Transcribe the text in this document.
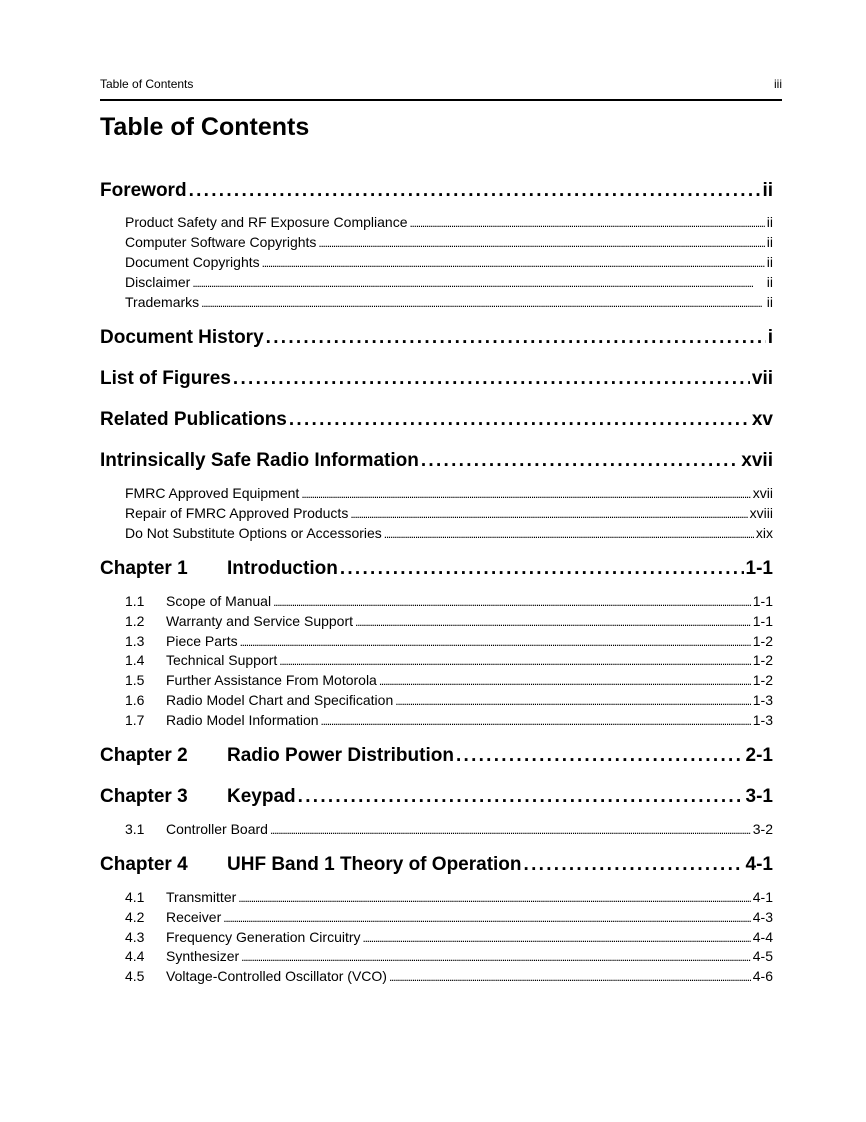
Table of Contents	iii
Table of Contents
Foreword . . .	ii
Product Safety and RF Exposure Compliance . . .	ii
Computer Software Copyrights . . .	ii
Document Copyrights . . .	ii
Disclaimer . . .	ii
Trademarks . . .	ii
Document History . . .	i
List of Figures . . .	vii
Related Publications . . .	xv
Intrinsically Safe Radio Information . . .	xvii
FMRC Approved Equipment . . .	xvii
Repair of FMRC Approved Products . . .	xviii
Do Not Substitute Options or Accessories . . .	xix
Chapter 1	Introduction . . .	1-1
1.1	Scope of Manual . . .	1-1
1.2	Warranty and Service Support . . .	1-1
1.3	Piece Parts . . .	1-2
1.4	Technical Support . . .	1-2
1.5	Further Assistance From Motorola . . .	1-2
1.6	Radio Model Chart and Specification . . .	1-3
1.7	Radio Model Information . . .	1-3
Chapter 2	Radio Power Distribution . . .	2-1
Chapter 3	Keypad . . .	3-1
3.1	Controller Board . . .	3-2
Chapter 4	UHF Band 1 Theory of Operation . . .	4-1
4.1	Transmitter . . .	4-1
4.2	Receiver . . .	4-3
4.3	Frequency Generation Circuitry . . .	4-4
4.4	Synthesizer . . .	4-5
4.5	Voltage-Controlled Oscillator (VCO) . . .	4-6
